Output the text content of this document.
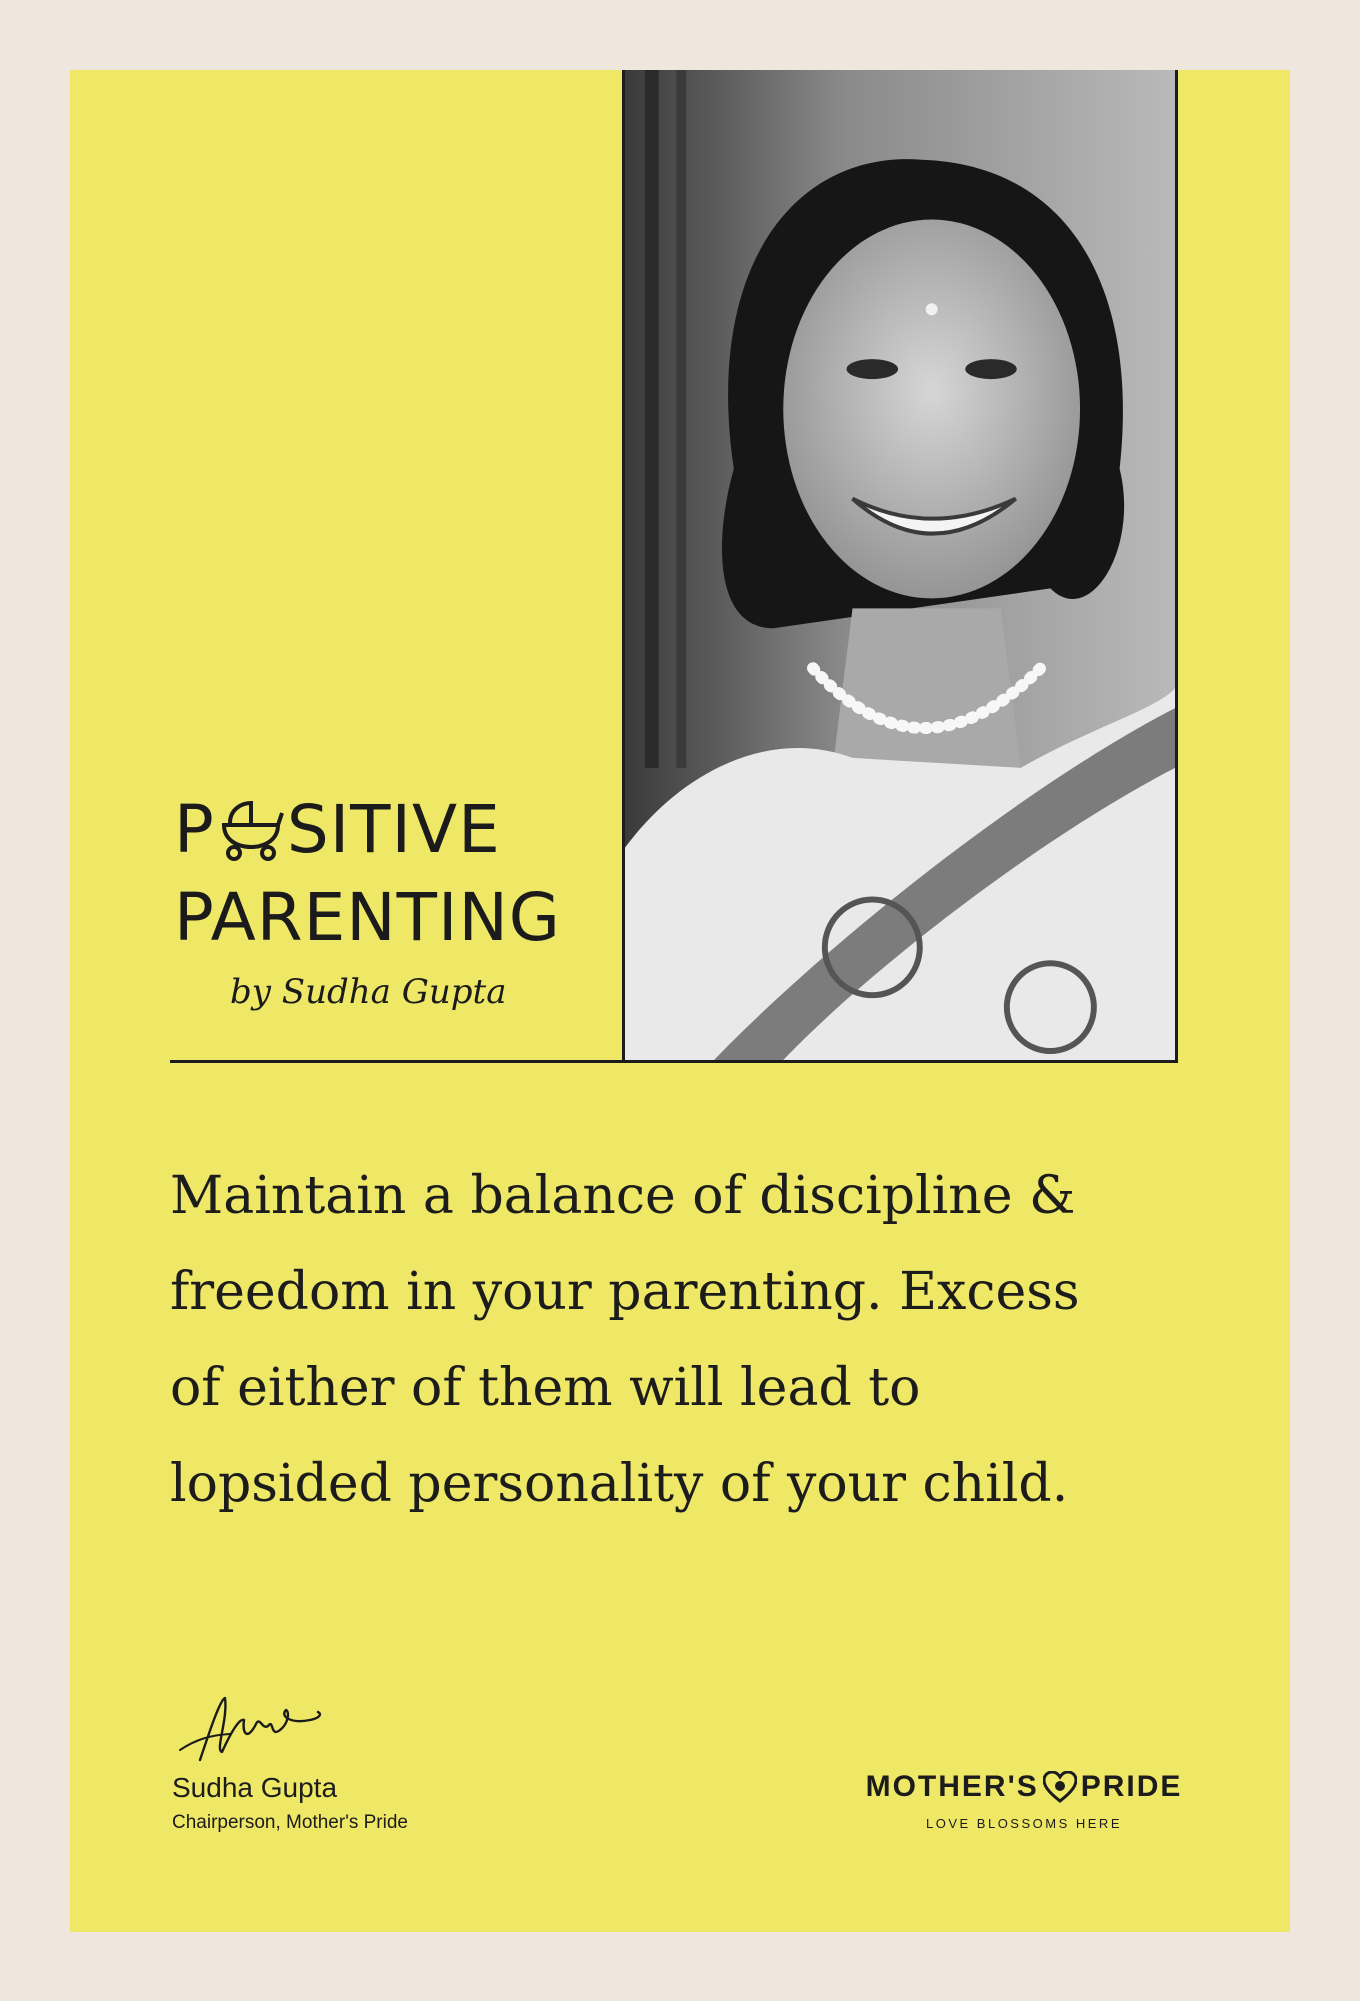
P SITIVE
PARENTING
by Sudha Gupta

Maintain a balance of discipline &
freedom in your parenting. Excess
of either of them will lead to
lopsided personality of your child.

Sudha Gupta
Chairperson, Mother's Pride
MOTHER'S PRIDE
LOVE BLOSSOMS HERE
